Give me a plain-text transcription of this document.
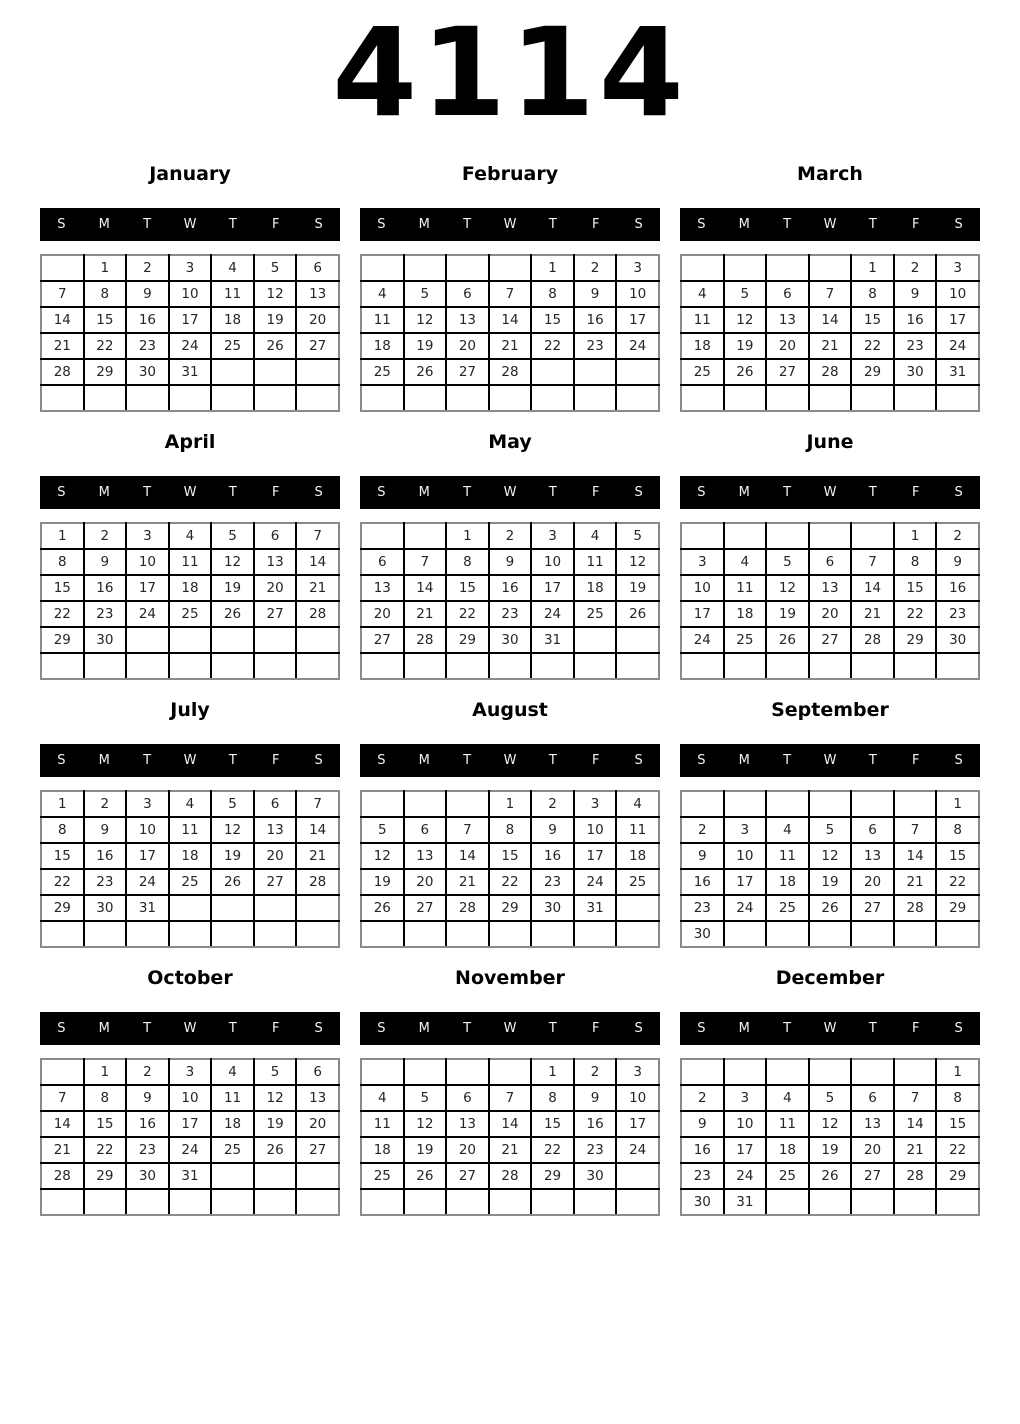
4114
January
S	M	T W T	F	S
	1	2	3	4	5	6
7	8	9	10	11	12	13
14	15	16	17	18	19	20
21	22	23	24	25	26	27
28	29	30	31			

February
S	M	T W T	F	S
				1	2	3
4	5	6	7	8	9	10
11	12	13	14	15	16	17
18	19	20	21	22	23	24
25	26	27	28			

March
S	M	T W T	F	S
				1	2	3
4	5	6	7	8	9	10
11	12	13	14	15	16	17
18	19	20	21	22	23	24
25	26	27	28	29	30	31

April
S	M	T W T	F	S
1	2	3	4	5	6	7
8	9	10	11	12	13	14
15	16	17	18	19	20	21
22	23	24	25	26	27	28
29	30					

May
S	M	T W T	F	S
		1	2	3	4	5
6	7	8	9	10	11	12
13	14	15	16	17	18	19
20	21	22	23	24	25	26
27	28	29	30	31		

June
S	M	T W T	F	S
					1	2
3	4	5	6	7	8	9
10	11	12	13	14	15	16
17	18	19	20	21	22	23
24	25	26	27	28	29	30

July
S	M	T W T	F	S
1	2	3	4	5	6	7
8	9	10	11	12	13	14
15	16	17	18	19	20	21
22	23	24	25	26	27	28
29	30	31				

August
S	M	T W T	F	S
			1	2	3	4
5	6	7	8	9	10	11
12	13	14	15	16	17	18
19	20	21	22	23	24	25
26	27	28	29	30	31	

September
S	M	T W T	F	S
						1
2	3	4	5	6	7	8
9	10	11	12	13	14	15
16	17	18	19	20	21	22
23	24	25	26	27	28	29
30						
October
S	M	T W T	F	S
	1	2	3	4	5	6
7	8	9	10	11	12	13
14	15	16	17	18	19	20
21	22	23	24	25	26	27
28	29	30	31			

November
S	M	T W T	F	S
				1	2	3
4	5	6	7	8	9	10
11	12	13	14	15	16	17
18	19	20	21	22	23	24
25	26	27	28	29	30	

December
S	M	T W T	F	S
						1
2	3	4	5	6	7	8
9	10	11	12	13	14	15
16	17	18	19	20	21	22
23	24	25	26	27	28	29
30	31					
